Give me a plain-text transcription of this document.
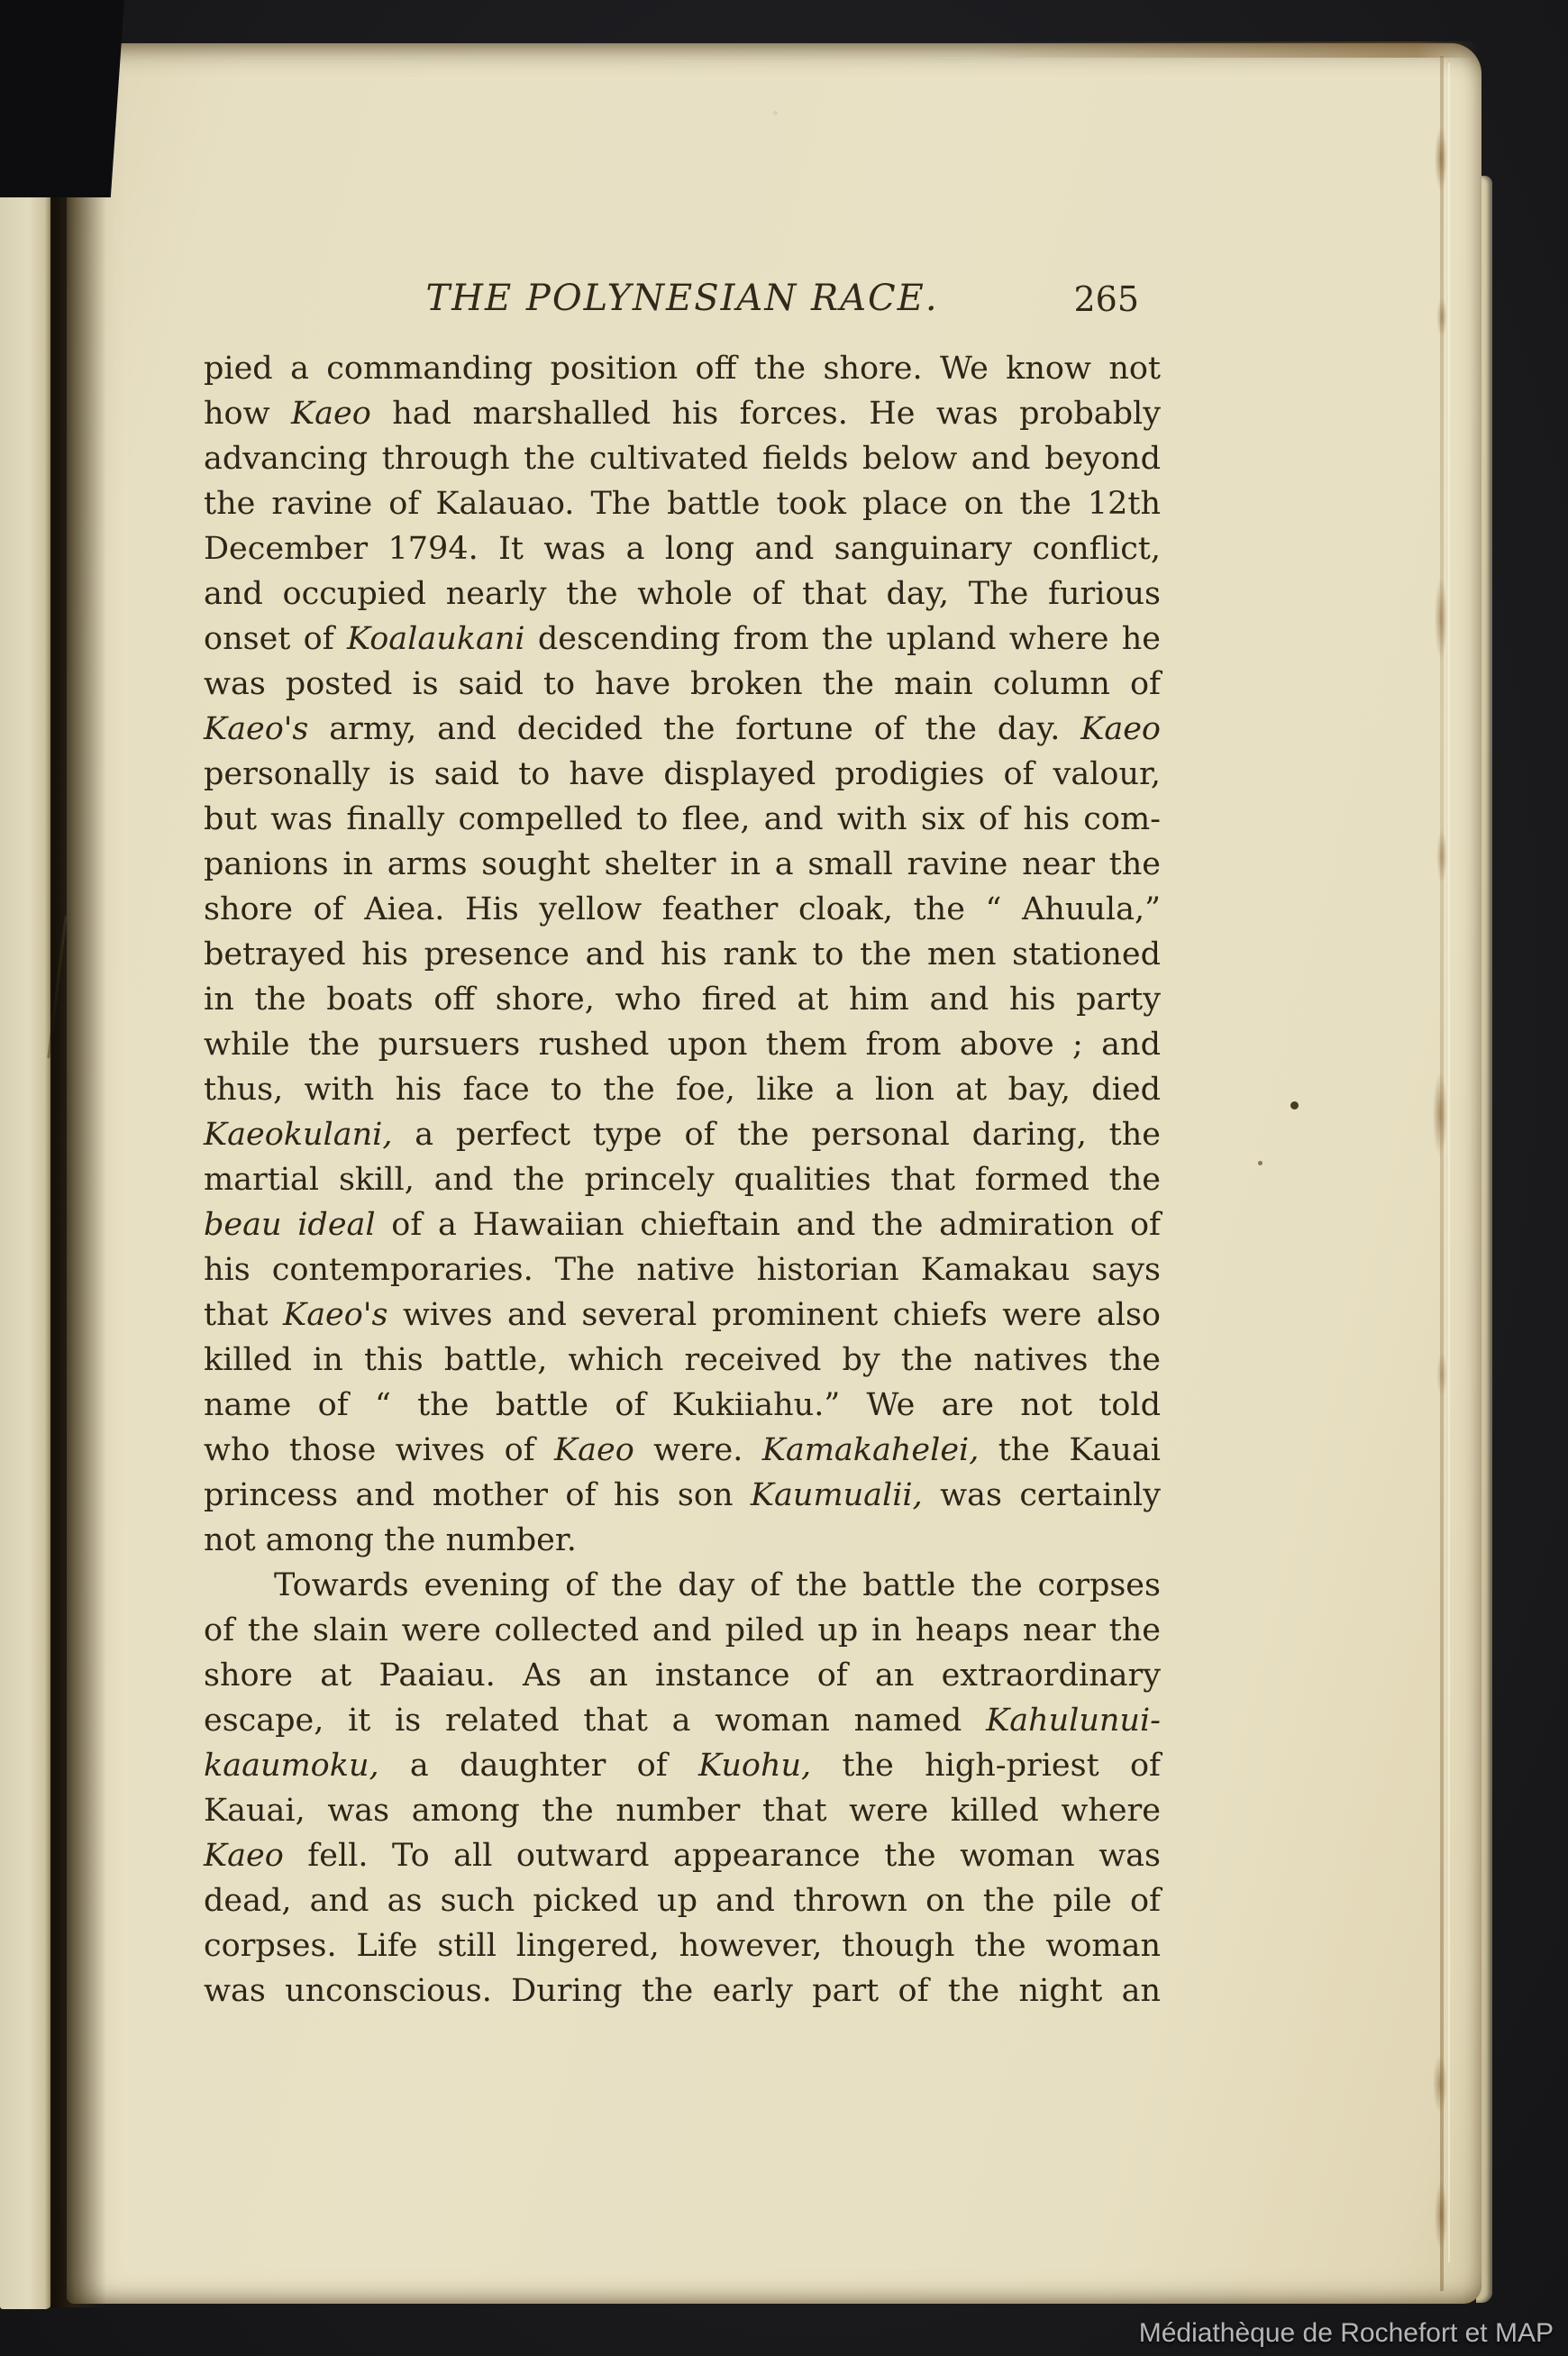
THE POLYNESIAN RACE.	265
pied a commanding position off the shore. We know not
how Kaeo had marshalled his forces. He was probably
advancing through the cultivated fields below and beyond
the ravine of Kalauao. The battle took place on the 12th
December 1794. It was a long and sanguinary conflict,
and occupied nearly the whole of that day, The furious
onset of Koalaukani descending from the upland where he
was posted is said to have broken the main column of
Kaeo's army, and decided the fortune of the day. Kaeo
personally is said to have displayed prodigies of valour,
but was finally compelled to flee, and with six of his com-
panions in arms sought shelter in a small ravine near the
shore of Aiea. His yellow feather cloak, the “ Ahuula,”
betrayed his presence and his rank to the men stationed
in the boats off shore, who fired at him and his party
while the pursuers rushed upon them from above ; and
thus, with his face to the foe, like a lion at bay, died
Kaeokulani, a perfect type of the personal daring, the
martial skill, and the princely qualities that formed the
beau ideal of a Hawaiian chieftain and the admiration of
his contemporaries. The native historian Kamakau says
that Kaeo's wives and several prominent chiefs were also
killed in this battle, which received by the natives the
name of “ the battle of Kukiiahu.” We are not told
who those wives of Kaeo were. Kamakahelei, the Kauai
princess and mother of his son Kaumualii, was certainly
not among the number.
Towards evening of the day of the battle the corpses
of the slain were collected and piled up in heaps near the
shore at Paaiau. As an instance of an extraordinary
escape, it is related that a woman named Kahulunui-
kaaumoku, a daughter of Kuohu, the high-priest of
Kauai, was among the number that were killed where
Kaeo fell. To all outward appearance the woman was
dead, and as such picked up and thrown on the pile of
corpses. Life still lingered, however, though the woman
was unconscious. During the early part of the night an
Médiathèque de Rochefort et MAP
